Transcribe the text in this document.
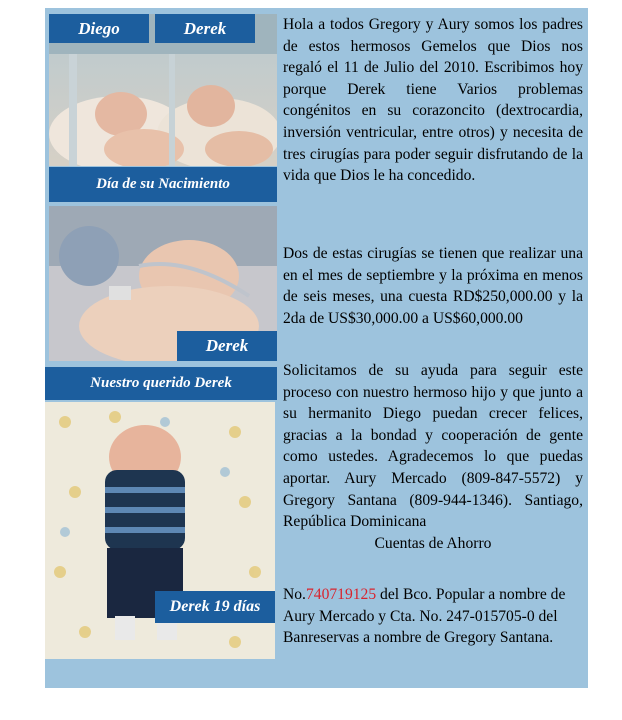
Diego	Derek
Día de su Nacimiento
Derek
Nuestro querido Derek
Derek 19 días

Hola a todos Gregory y Aury somos los padres de estos hermosos Gemelos que Dios nos regaló el 11 de Julio del 2010. Escribimos hoy porque Derek tiene Varios problemas congénitos en su corazoncito (dextrocardia, inversión ventricular, entre otros) y necesita de tres cirugías para poder seguir disfrutando de la vida que Dios le ha concedido.

Dos de estas cirugías se tienen que realizar una en el mes de septiembre y la próxima en menos de seis meses, una cuesta RD$250,000.00 y la 2da de US$30,000.00 a US$60,000.00

Solicitamos de su ayuda para seguir este proceso con nuestro hermoso hijo y que junto a su hermanito Diego puedan crecer felices, gracias a la bondad y cooperación de gente como ustedes. Agradecemos lo que puedas aportar. Aury Mercado (809-847-5572) y Gregory Santana (809-944-1346). Santiago, República Dominicana

Cuentas de Ahorro

No.740719125 del Bco. Popular a nombre de Aury Mercado y Cta. No. 247-015705-0 del Banreservas a nombre de Gregory Santana.
